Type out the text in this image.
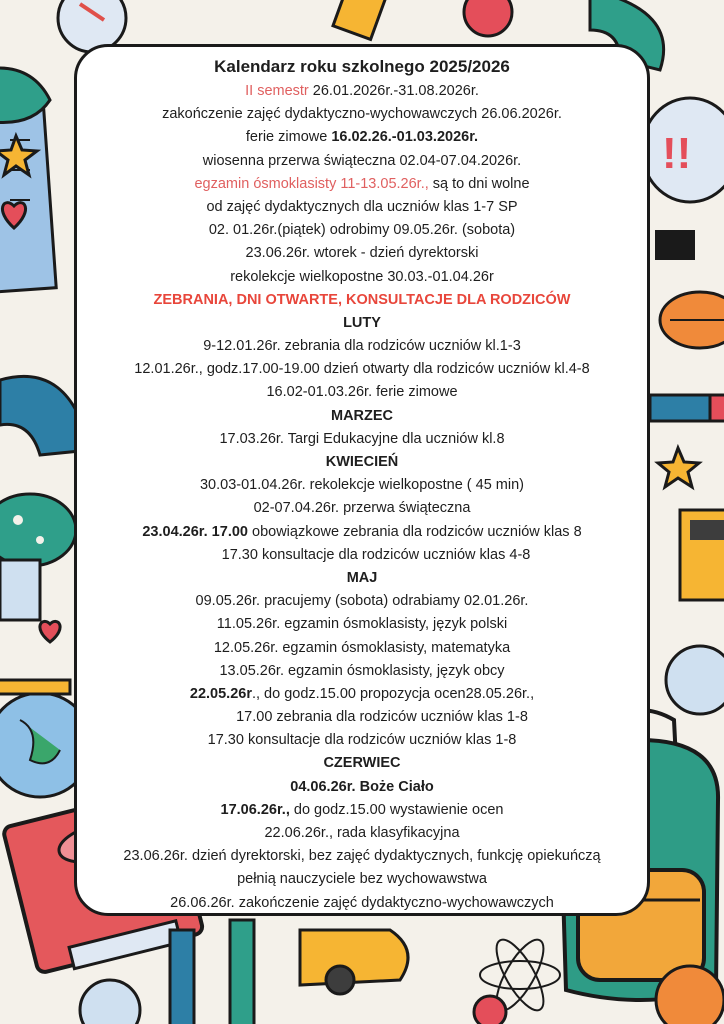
!!
Kalendarz roku szkolnego 2025/2026
II semestr 26.01.2026r.-31.08.2026r.
zakończenie zajęć dydaktyczno-wychowawczych 26.06.2026r.
ferie zimowe 16.02.26.-01.03.2026r.
wiosenna przerwa świąteczna 02.04-07.04.2026r.
egzamin ósmoklasisty 11-13.05.26r., są to dni wolne
od zajęć dydaktycznych dla uczniów klas 1-7 SP
02. 01.26r.(piątek) odrobimy 09.05.26r. (sobota)
23.06.26r. wtorek - dzień dyrektorski
rekolekcje wielkopostne 30.03.-01.04.26r
ZEBRANIA, DNI OTWARTE, KONSULTACJE DLA RODZICÓW
LUTY
9-12.01.26r. zebrania dla rodziców uczniów kl.1-3
12.01.26r., godz.17.00-19.00 dzień otwarty dla rodziców uczniów kl.4-8
16.02-01.03.26r. ferie zimowe
MARZEC
17.03.26r. Targi Edukacyjne dla uczniów kl.8
KWIECIEŃ
30.03-01.04.26r. rekolekcje wielkopostne ( 45 min)
02-07.04.26r. przerwa świąteczna
23.04.26r. 17.00 obowiązkowe zebrania dla rodziców uczniów klas 8
17.30 konsultacje dla rodziców uczniów klas 4-8
MAJ
09.05.26r. pracujemy (sobota) odrabiamy 02.01.26r.
11.05.26r. egzamin ósmoklasisty, język polski
12.05.26r. egzamin ósmoklasisty, matematyka
13.05.26r. egzamin ósmoklasisty, język obcy
22.05.26r., do godz.15.00 propozycja ocen28.05.26r.,
17.00 zebrania dla rodziców uczniów klas 1-8
17.30 konsultacje dla rodziców uczniów klas 1-8
CZERWIEC
04.06.26r. Boże Ciało
17.06.26r., do godz.15.00 wystawienie ocen
22.06.26r., rada klasyfikacyjna
23.06.26r. dzień dyrektorski, bez zajęć dydaktycznych, funkcję opiekuńczą
pełnią nauczyciele bez wychowawstwa
26.06.26r. zakończenie zajęć dydaktyczno-wychowawczych
